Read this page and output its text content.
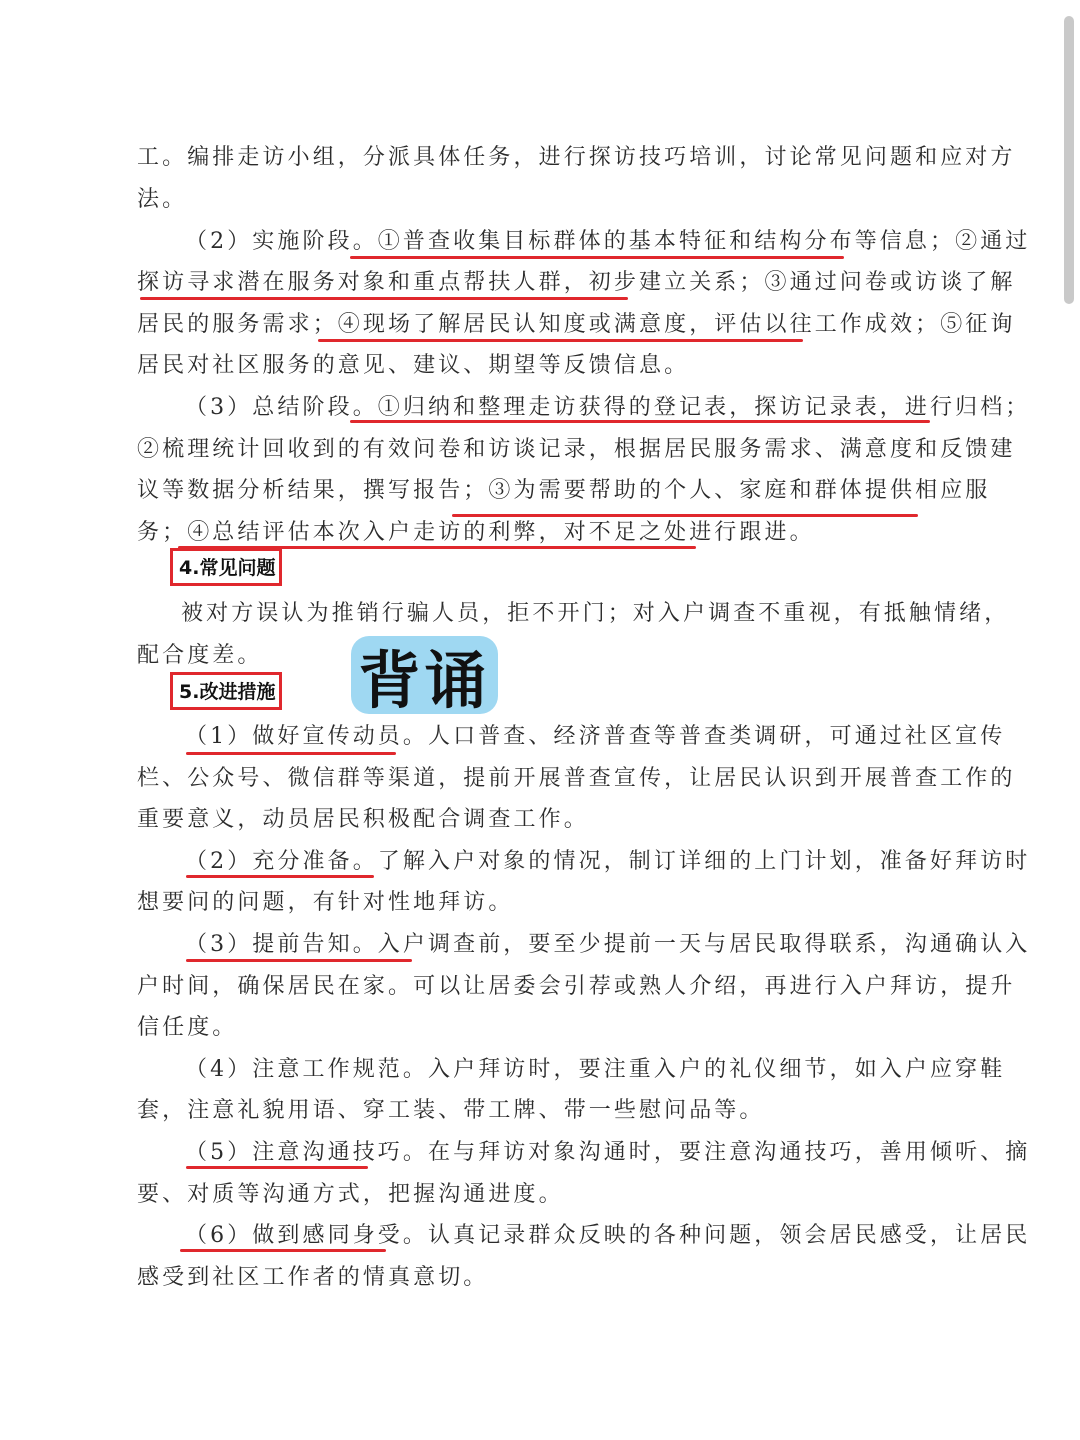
工。编排走访小组，分派具体任务，进行探访技巧培训，讨论常见问题和应对方
法。
（2）实施阶段。①普查收集目标群体的基本特征和结构分布等信息；②通过
探访寻求潜在服务对象和重点帮扶人群，初步建立关系；③通过问卷或访谈了解
居民的服务需求；④现场了解居民认知度或满意度，评估以往工作成效；⑤征询
居民对社区服务的意见、建议、期望等反馈信息。
（3）总结阶段。①归纳和整理走访获得的登记表，探访记录表，进行归档；
②梳理统计回收到的有效问卷和访谈记录，根据居民服务需求、满意度和反馈建
议等数据分析结果，撰写报告；③为需要帮助的个人、家庭和群体提供相应服
务；④总结评估本次入户走访的利弊，对不足之处进行跟进。
4.常见问题
被对方误认为推销行骗人员，拒不开门；对入户调查不重视，有抵触情绪，
配合度差。 背诵
5.改进措施
（1）做好宣传动员。人口普查、经济普查等普查类调研，可通过社区宣传
栏、公众号、微信群等渠道，提前开展普查宣传，让居民认识到开展普查工作的
重要意义，动员居民积极配合调查工作。
（2）充分准备。了解入户对象的情况，制订详细的上门计划，准备好拜访时
想要问的问题，有针对性地拜访。
（3）提前告知。入户调查前，要至少提前一天与居民取得联系，沟通确认入
户时间，确保居民在家。可以让居委会引荐或熟人介绍，再进行入户拜访，提升
信任度。
（4）注意工作规范。入户拜访时，要注重入户的礼仪细节，如入户应穿鞋
套，注意礼貌用语、穿工装、带工牌、带一些慰问品等。
（5）注意沟通技巧。在与拜访对象沟通时，要注意沟通技巧，善用倾听、摘
要、对质等沟通方式，把握沟通进度。
（6）做到感同身受。认真记录群众反映的各种问题，领会居民感受，让居民
感受到社区工作者的情真意切。
